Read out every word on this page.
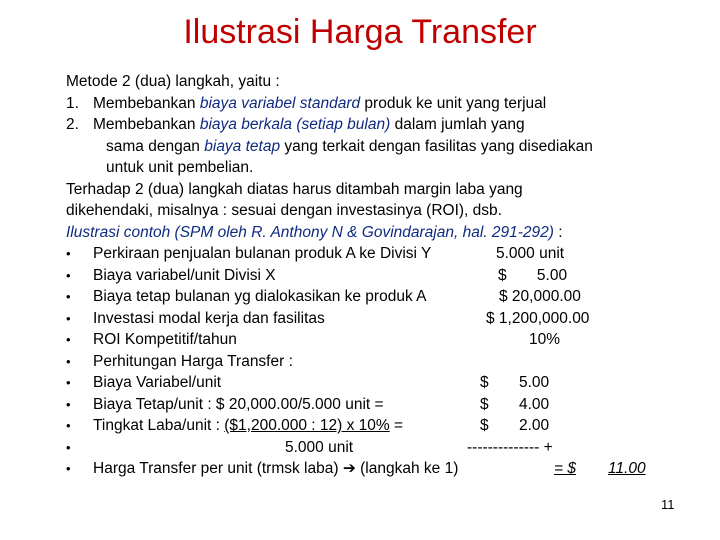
Ilustrasi Harga Transfer
Metode 2 (dua) langkah, yaitu :
1. Membebankan biaya variabel standard produk ke unit yang terjual
2. Membebankan biaya berkala (setiap bulan) dalam jumlah yang
sama dengan biaya tetap yang terkait dengan fasilitas yang disediakan
untuk unit pembelian.
Terhadap 2 (dua) langkah diatas harus ditambah margin laba yang
dikehendaki, misalnya : sesuai dengan investasinya (ROI), dsb.
Ilustrasi contoh (SPM oleh R. Anthony N & Govindarajan, hal. 291-292) :
• Perkiraan penjualan bulanan produk A ke Divisi Y	5.000 unit
• Biaya variabel/unit Divisi X	$ 5.00
• Biaya tetap bulanan yg dialokasikan ke produk A	$ 20,000.00
• Investasi modal kerja dan fasilitas	$ 1,200,000.00
• ROI Kompetitif/tahun	10%
• Perhitungan Harga Transfer :
• Biaya Variabel/unit	$ 5.00
• Biaya Tetap/unit : $ 20,000.00/5.000 unit =	$ 4.00
• Tingkat Laba/unit : ($1,200.000 : 12) x 10% =	$ 2.00
•	5.000 unit	-------------- +
• Harga Transfer per unit (trmsk laba) ➔ (langkah ke 1)	= $	11.00
11
